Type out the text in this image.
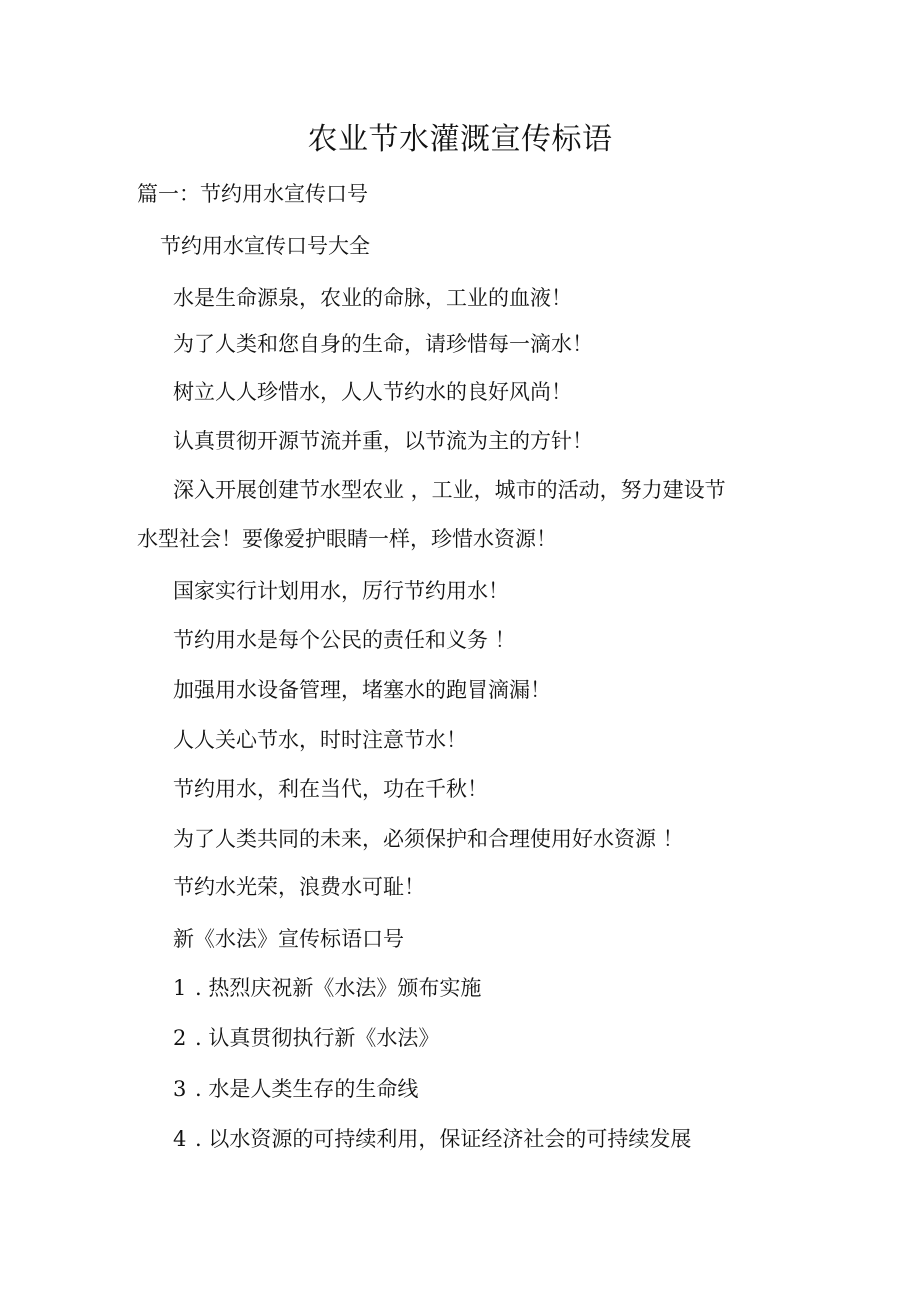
农业节水灌溉宣传标语
篇一：节约用水宣传口号
节约用水宣传口号大全
水是生命源泉，农业的命脉，工业的血液！
为了人类和您自身的生命，请珍惜每一滴水！
树立人人珍惜水，人人节约水的良好风尚！
认真贯彻开源节流并重，以节流为主的方针！
深入开展创建节水型农业 ，工业，城市的活动，努力建设节
水型社会！要像爱护眼睛一样，珍惜水资源！
国家实行计划用水，厉行节约用水！
节约用水是每个公民的责任和义务 ！
加强用水设备管理，堵塞水的跑冒滴漏！
人人关心节水，时时注意节水！
节约用水，利在当代，功在千秋！
为了人类共同的未来，必须保护和合理使用好水资源 ！
节约水光荣，浪费水可耻！
新《水法》宣传标语口号
1 . 热烈庆祝新《水法》颁布实施
2 . 认真贯彻执行新《水法》
3 . 水是人类生存的生命线
4 . 以水资源的可持续利用，保证经济社会的可持续发展
